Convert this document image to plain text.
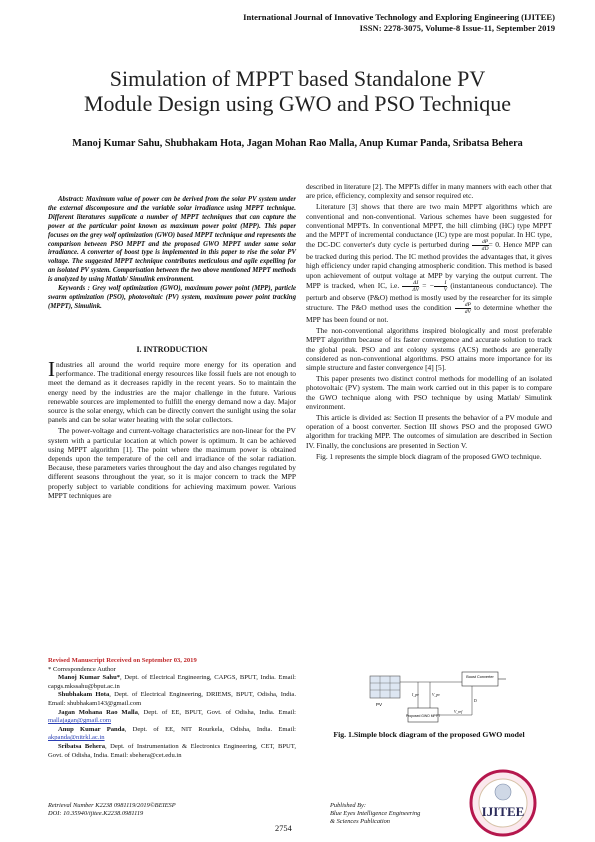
International Journal of Innovative Technology and Exploring Engineering (IJITEE)
ISSN: 2278-3075, Volume-8 Issue-11, September 2019
Simulation of MPPT based Standalone PV
Module Design using GWO and PSO Technique
Manoj Kumar Sahu, Shubhakam Hota, Jagan Mohan Rao Malla, Anup Kumar Panda, Sribatsa Behera

Abstract: Maximum value of power can be derived from the solar PV system under the external discomposure and the variable solar irradiance using MPPT technique. Different literatures supplicate a number of MPPT techniques that can capture the power at the particular point known as maximum power point (MPP). This paper focuses on the grey wolf optimization (GWO) based MPPT technique and represents the comparison between PSO MPPT and the proposed GWO MPPT under same solar irradiance. A converter of boost type is implemented in this paper to rise the solar PV voltage. The suggested MPPT technique contributes meticulous and agile expelling for an isolated PV system. Comparisation between the two above mentioned MPPT methods is analyzed by using Matlab/ Simulink environment.

Keywords : Grey wolf optimization (GWO), maximum power point (MPP), particle swarm optimization (PSO), photovoltaic (PV) system, maximum power point tracking (MPPT), Simulink.

I. INTRODUCTION

Industries all around the world require more energy for its operation and performance. The traditional energy resources like fossil fuels are not enough to meet the demand as it decreases rapidly in the recent years. So to maintain the energy need by the industries are the major challenge in the future. Various renewable sources are implemented to fulfill the energy demand now a day. Major source is the solar energy, which can be directly convert the sunlight using the solar panels and can be solar water heating with the solar collectors.

The power-voltage and current-voltage characteristics are non-linear for the PV system with a particular location at which power is optimum. It can be achieved using MPPT algorithm [1]. The point where the maximum power is obtained depends upon the temperature of the cell and irradiance of the solar radiation. Because, these parameters varies throughout the day and also changes regulated by different seasons throughout the year, so it is major concern to track the MPP properly subject to variable conditions for achieving maximum power. Various MPPT techniques are

Revised Manuscript Received on September 03, 2019

* Correspondence Author

Manoj Kumar Sahu*, Dept. of Electrical Engineering, CAPGS, BPUT, India. Email: capgs.mkssahu@bput.ac.in

Shubhakam Hota, Dept. of Electrical Engineering, DRIEMS, BPUT, Odisha, India. Email: shubhakam143@gmail.com

Jagan Mohana Rao Malla, Dept. of EE, BPUT, Govt. of Odisha, India. Email: mallajagan@gmail.com

Anup Kumar Panda, Dept. of EE, NIT Rourkela, Odisha, India. Email: akpanda@nitrkl.ac.in

Sribatsa Behera, Dept. of Instrumentation & Electronics Engineering, CET, BPUT, Govt. of Odisha, India. Email: sbehera@cet.edu.in

described in literature [2]. The MPPTs differ in many manners with each other that are price, efficiency, complexity and sensor required etc.

Literature [3] shows that there are two main MPPT algorithms which are conventional and non-conventional. Various schemes have been suggested for conventional MPPTs. In conventional MPPT, the hill climbing (HC) type MPPT and the MPPT of incremental conductance (IC) type are most popular. In HC type, the DC-DC converter's duty cycle is perturbed during $\frac{dP}{dD} = 0$. Hence MPP can be tracked during this period. The IC method provides the advantages that, it gives high efficiency under rapid changing atmospheric condition. This method is based upon achievement of output voltage at MPP by varying the output current. The MPP is tracked, when IC, i.e. $\frac{\Delta I}{\Delta V}$ = − $\frac{I}{V}$ (instantaneous conductance). The perturb and observe (P&O) method is mostly used by the researcher for its simple structure. The P&O method uses the condition $\frac{dP}{dV}$ to determine whether the MPP has been found or not.

The non-conventional algorithms inspired biologically and most preferable MPPT algorithm because of its faster convergence and accurate solution to track the global peak. PSO and ant colony systems (ACS) methods are generally considered as non-conventional algorithms. PSO attains more importance for its simple structure and faster convergence [4] [5].

This paper presents two distinct control methods for modelling of an isolated photovoltaic (PV) system. The main work carried out in this paper is to compare the GWO technique along with PSO technique by using Matlab/ Simulink environment.

This article is divided as: Section II presents the behavior of a PV module and operation of a boost converter. Section III shows PSO and the proposed GWO algorithm for tracking MPP. The outcomes of simulation are described in Section IV. Finally, the conclusions are presented in Section V.

Fig. 1 represents the simple block diagram of the proposed GWO technique.

PV
Boost Converter
I_pv	V_pv
Proposed GWO MPPT
D
V_ref
Fig. 1.Simple block diagram of the proposed GWO model
Retrieval Number K2238 0981119/2019©BEIESP
DOI: 10.35940/ijitee.K2238.0981119
2754
Published By:
Blue Eyes Intelligence Engineering
& Sciences Publication
IJITEE
